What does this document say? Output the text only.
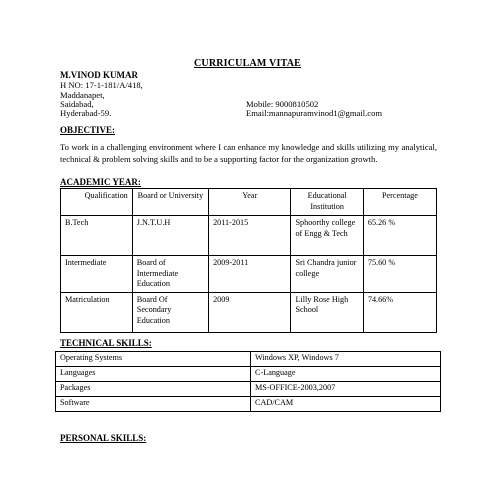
CURRICULAM VITAE
M.VINOD KUMAR
H NO: 17-1-181/A/418,
Maddanapet,
Saidabad,
Hyderabad-59.
Mobile: 9000810502
Email:mannapuramvinod1@gmail.com
OBJECTIVE:
To work in a challenging environment where I can enhance my knowledge and skills utilizing my analytical, technical & problem solving skills and to be a supporting factor for the organization growth.
ACADEMIC YEAR:
Qualification	Board or University	Year	Educational Institution	Percentage
B.Tech	J.N.T.U.H	2011-2015	Sphoorthy college of Engg & Tech	65.26 %
Intermediate	Board of Intermediate Education	2009-2011	Sri Chandra junior college	75.60 %
Matriculation	Board Of Secondary Education	2009	Lilly Rose High School	74.66%
TECHNICAL SKILLS:
Operating Systems	Windows XP, Windows 7
Languages	C-Language
Packages	MS-OFFICE-2003,2007
Software	CAD/CAM
PERSONAL SKILLS:
